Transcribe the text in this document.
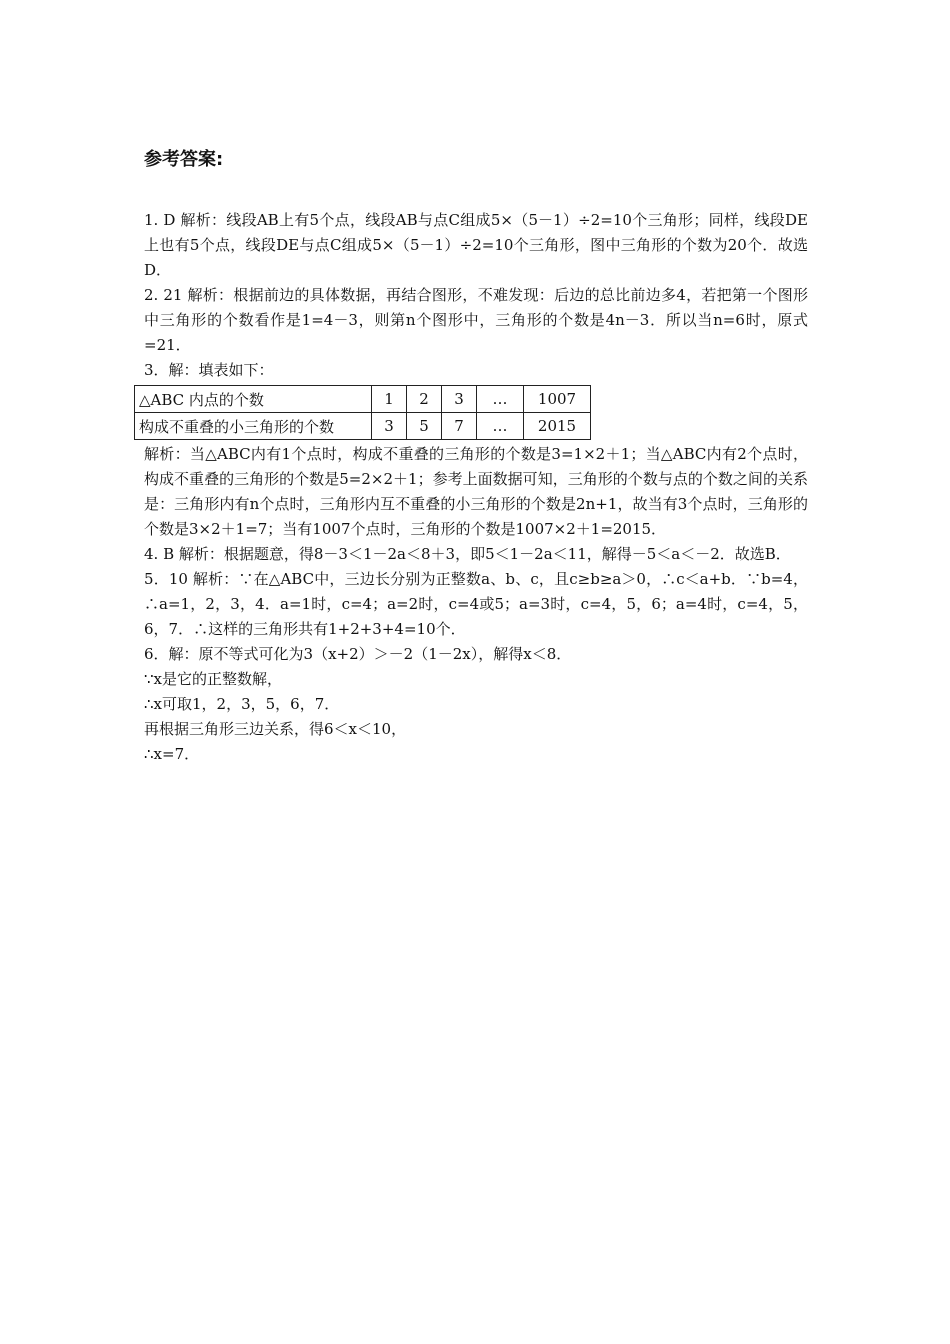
参考答案:

1. D 解析：线段AB上有5个点，线段AB与点C组成5×（5－1）÷2=10个三角形；同样，线段DE上也有5个点，线段DE与点C组成5×（5－1）÷2=10个三角形，图中三角形的个数为20个．故选D．

2. 21 解析：根据前边的具体数据，再结合图形，不难发现：后边的总比前边多4，若把第一个图形中三角形的个数看作是1=4－3，则第n个图形中，三角形的个数是4n－3．所以当n=6时，原式=21．

3．解：填表如下：

△ABC 内点的个数	1	2	3	…	1007
构成不重叠的小三角形的个数	3	5	7	…	2015

解析：当△ABC内有1个点时，构成不重叠的三角形的个数是3=1×2＋1；当△ABC内有2个点时，构成不重叠的三角形的个数是5=2×2＋1；参考上面数据可知，三角形的个数与点的个数之间的关系是：三角形内有n个点时，三角形内互不重叠的小三角形的个数是2n+1，故当有3个点时，三角形的个数是3×2＋1=7；当有1007个点时，三角形的个数是1007×2＋1=2015．

4. B 解析：根据题意，得8－3＜1－2a＜8＋3，即5＜1－2a＜11，解得－5＜a＜－2．故选B．

5．10 解析：∵在△ABC中，三边长分别为正整数a、b、c，且c≥b≥a＞0，∴c＜a+b．∵b=4，∴a=1，2，3，4．a=1时，c=4；a=2时，c=4或5；a=3时，c=4，5，6；a=4时，c=4，5，6，7．∴这样的三角形共有1+2+3+4=10个．

6．解：原不等式可化为3（x+2）＞－2（1－2x），解得x＜8．

∵x是它的正整数解，

∴x可取1，2，3，5，6，7．

再根据三角形三边关系，得6＜x＜10，

∴x=7．
